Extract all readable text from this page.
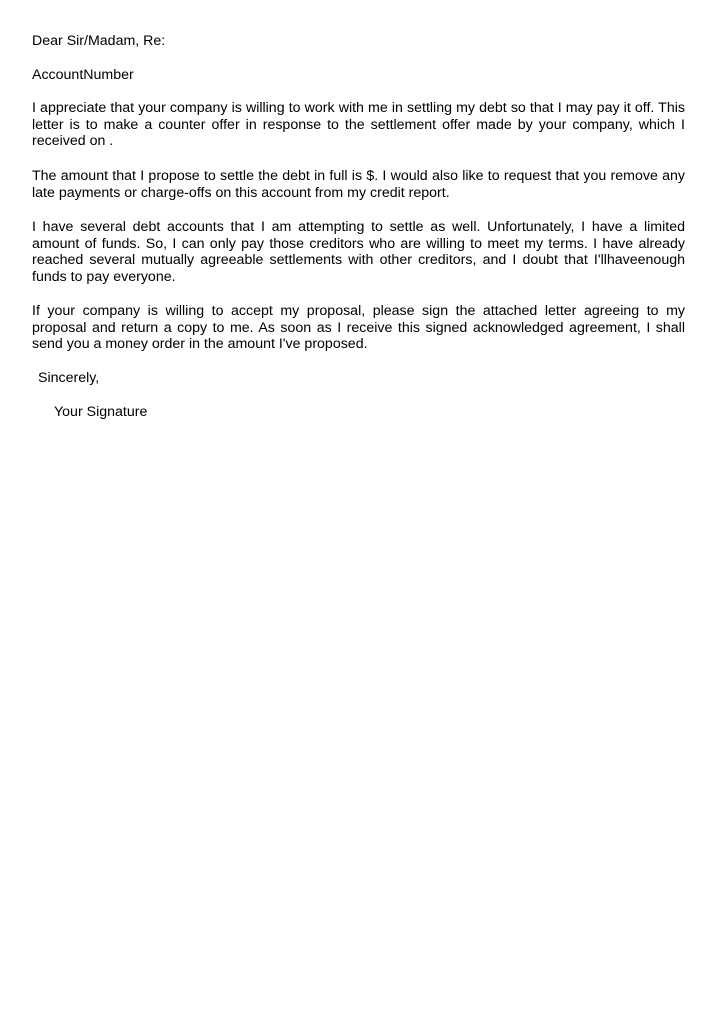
Dear Sir/Madam, Re:

AccountNumber

I appreciate that your company is willing to work with me in settling my debt so that I may pay it off. This letter is to make a counter offer in response to the settlement offer made by your company, which I received on .

The amount that I propose to settle the debt in full is $. I would also like to request that you remove any late payments or charge-offs on this account from my credit report.

I have several debt accounts that I am attempting to settle as well. Unfortunately, I have a limited amount of funds. So, I can only pay those creditors who are willing to meet my terms. I have already reached several mutually agreeable settlements with other creditors, and I doubt that I'llhaveenough funds to pay everyone.

If your company is willing to accept my proposal, please sign the attached letter agreeing to my proposal and return a copy to me. As soon as I receive this signed acknowledged agreement, I shall send you a money order in the amount I've proposed.

Sincerely,

Your Signature
